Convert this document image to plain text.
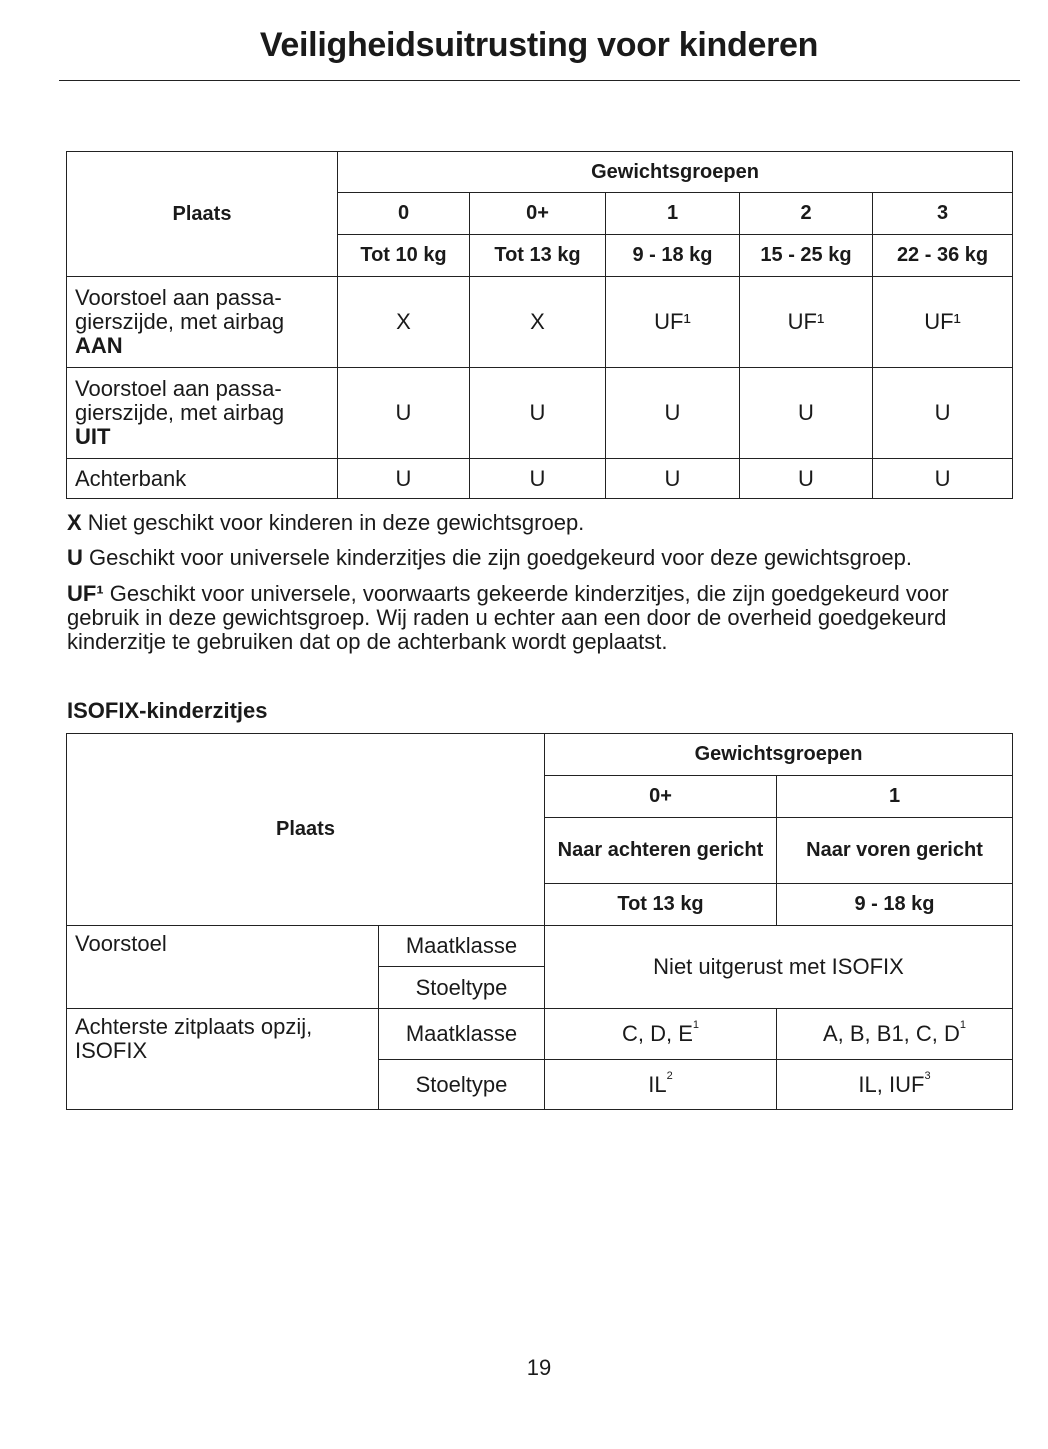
Veiligheidsuitrusting voor kinderen
Plaats	Gewichtsgroepen				
	0	0+	1	2	3
	Tot 10 kg	Tot 13 kg	9 - 18 kg	15 - 25 kg	22 - 36 kg
Voorstoel aan passa-
gierszijde, met airbag
AAN	X	X	UF¹	UF¹	UF¹
Voorstoel aan passa-
gierszijde, met airbag
UIT	U	U	U	U	U
Achterbank	U	U	U	U	U
X Niet geschikt voor kinderen in deze gewichtsgroep.
U Geschikt voor universele kinderzitjes die zijn goedgekeurd voor deze gewichtsgroep.
UF¹ Geschikt voor universele, voorwaarts gekeerde kinderzitjes, die zijn goedgekeurd voor gebruik in deze gewichtsgroep. Wij raden u echter aan een door de overheid goedgekeurd kinderzitje te gebruiken dat op de achterbank wordt geplaatst.
ISOFIX-kinderzitjes
Plaats		Gewichtsgroepen	
		0+	1
		Naar achteren gericht	Naar voren gericht
		Tot 13 kg	9 - 18 kg
Voorstoel	Maatklasse	Niet uitgerust met ISOFIX	
	Stoeltype		
Achterste zitplaats opzij,
ISOFIX	Maatklasse	C, D, $E^1$	A, B, B1, C, $D^1$
	Stoeltype	$IL^2$	IL, IUF$^3$
19
